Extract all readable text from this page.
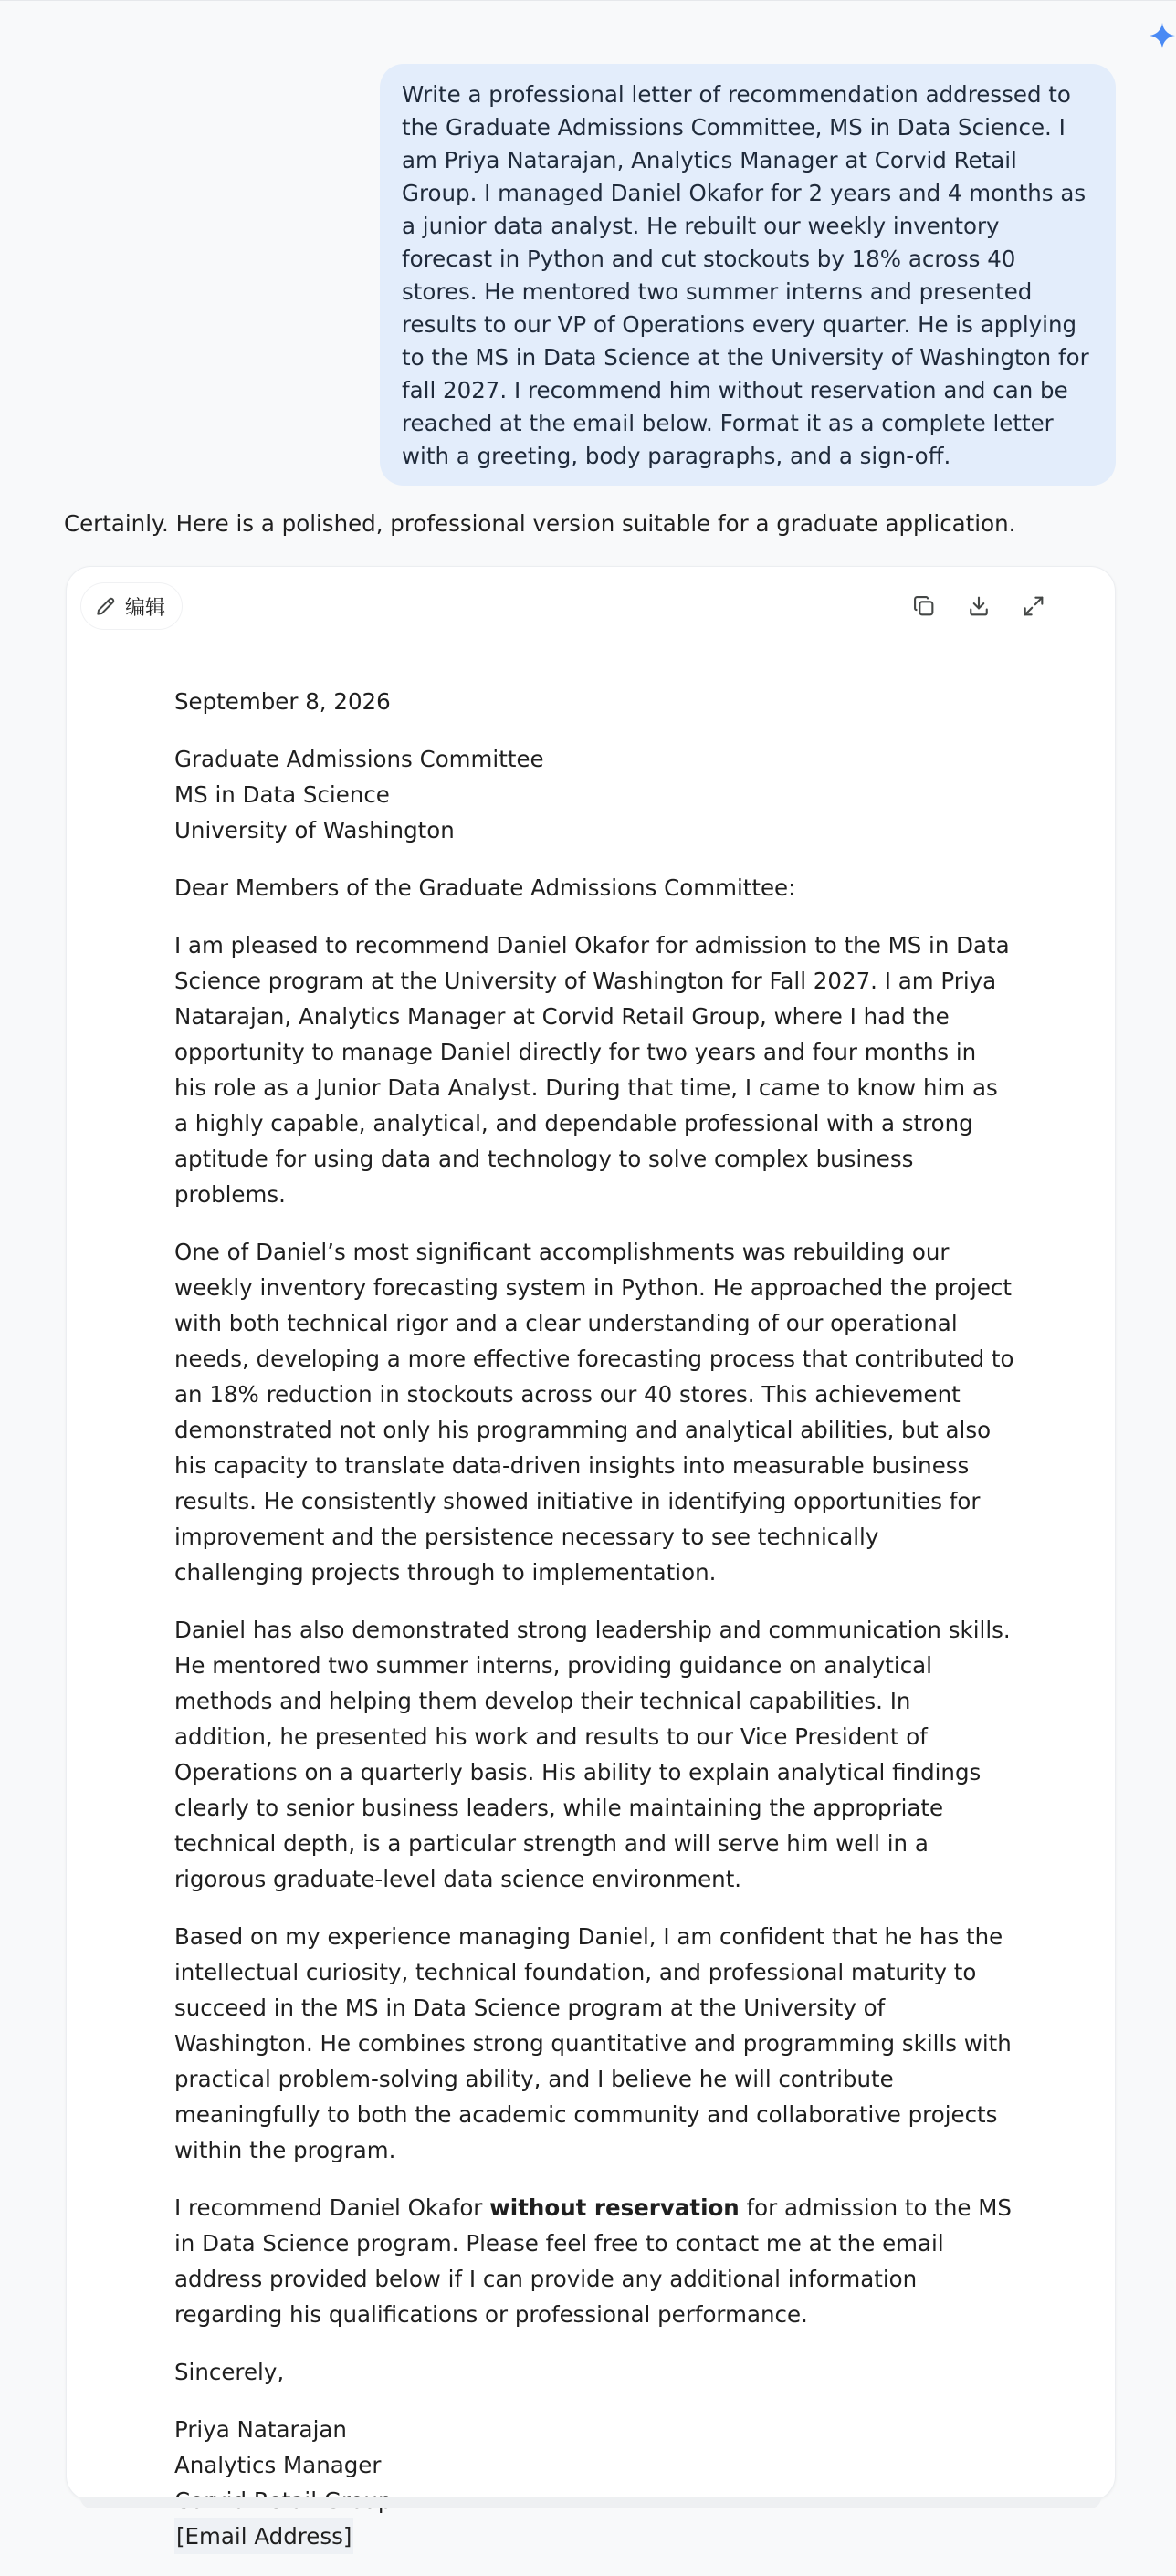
Write a professional letter of recommendation addressed to the Graduate Admissions Committee, MS in Data Science. I am Priya Natarajan, Analytics Manager at Corvid Retail Group. I managed Daniel Okafor for 2 years and 4 months as a junior data analyst. He rebuilt our weekly inventory forecast in Python and cut stockouts by 18% across 40 stores. He mentored two summer interns and presented results to our VP of Operations every quarter. He is applying to the MS in Data Science at the University of Washington for fall 2027. I recommend him without reservation and can be reached at the email below. Format it as a complete letter with a greeting, body paragraphs, and a sign-off.
Certainly. Here is a polished, professional version suitable for a graduate application.
编辑

September 8, 2026

Graduate Admissions Committee
MS in Data Science
University of Washington

Dear Members of the Graduate Admissions Committee:

I am pleased to recommend Daniel Okafor for admission to the MS in Data Science program at the University of Washington for Fall 2027. I am Priya Natarajan, Analytics Manager at Corvid Retail Group, where I had the opportunity to manage Daniel directly for two years and four months in his role as a Junior Data Analyst. During that time, I came to know him as a highly capable, analytical, and dependable professional with a strong aptitude for using data and technology to solve complex business problems.

One of Daniel’s most significant accomplishments was rebuilding our weekly inventory forecasting system in Python. He approached the project with both technical rigor and a clear understanding of our operational needs, developing a more effective forecasting process that contributed to an 18% reduction in stockouts across our 40 stores. This achievement demonstrated not only his programming and analytical abilities, but also his capacity to translate data-driven insights into measurable business results. He consistently showed initiative in identifying opportunities for improvement and the persistence necessary to see technically challenging projects through to implementation.

Daniel has also demonstrated strong leadership and communication skills. He mentored two summer interns, providing guidance on analytical methods and helping them develop their technical capabilities. In addition, he presented his work and results to our Vice President of Operations on a quarterly basis. His ability to explain analytical findings clearly to senior business leaders, while maintaining the appropriate technical depth, is a particular strength and will serve him well in a rigorous graduate-level data science environment.

Based on my experience managing Daniel, I am confident that he has the intellectual curiosity, technical foundation, and professional maturity to succeed in the MS in Data Science program at the University of Washington. He combines strong quantitative and programming skills with practical problem-solving ability, and I believe he will contribute meaningfully to both the academic community and collaborative projects within the program.

I recommend Daniel Okafor without reservation for admission to the MS in Data Science program. Please feel free to contact me at the email address provided below if I can provide any additional information regarding his qualifications or professional performance.

Sincerely,

Priya Natarajan
Analytics Manager
[Email Address]
